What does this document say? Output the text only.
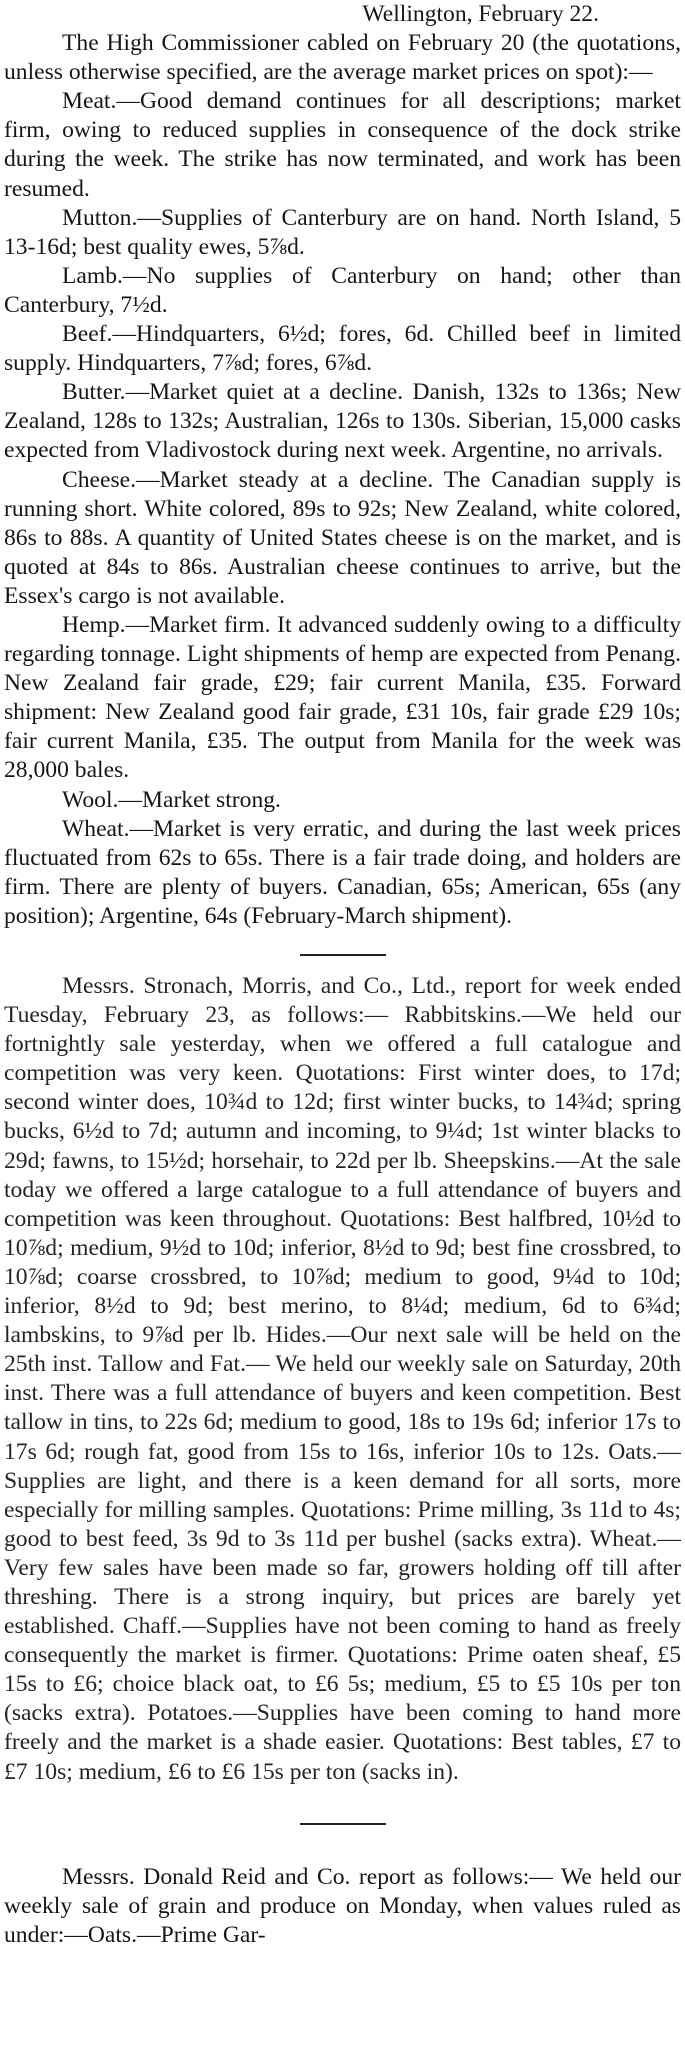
Wellington, February 22.

The High Commissioner cabled on February 20 (the quotations, unless otherwise specified, are the average market prices on spot):—

Meat.—Good demand continues for all descriptions; market firm, owing to reduced supplies in consequence of the dock strike during the week. The strike has now terminated, and work has been resumed.

Mutton.—Supplies of Canterbury are on hand. North Island, 5 13-16d; best quality ewes, 5⅞d.

Lamb.—No supplies of Canterbury on hand; other than Canterbury, 7½d.

Beef.—Hindquarters, 6½d; fores, 6d. Chilled beef in limited supply. Hindquarters, 7⅞d; fores, 6⅞d.

Butter.—Market quiet at a decline. Danish, 132s to 136s; New Zealand, 128s to 132s; Australian, 126s to 130s. Siberian, 15,000 casks expected from Vladivostock during next week. Argentine, no arrivals.

Cheese.—Market steady at a decline. The Canadian supply is running short. White colored, 89s to 92s; New Zealand, white colored, 86s to 88s. A quantity of United States cheese is on the market, and is quoted at 84s to 86s. Australian cheese continues to arrive, but the Essex's cargo is not available.

Hemp.—Market firm. It advanced suddenly owing to a difficulty regarding tonnage. Light shipments of hemp are expected from Penang. New Zealand fair grade, £29; fair current Manila, £35. Forward shipment: New Zealand good fair grade, £31 10s, fair grade £29 10s; fair current Manila, £35. The output from Manila for the week was 28,000 bales.

Wool.—Market strong.

Wheat.—Market is very erratic, and during the last week prices fluctuated from 62s to 65s. There is a fair trade doing, and holders are firm. There are plenty of buyers. Canadian, 65s; American, 65s (any position); Argentine, 64s (February-March shipment).

Messrs. Stronach, Morris, and Co., Ltd., report for week ended Tuesday, February 23, as follows:— Rabbitskins.—We held our fortnightly sale yesterday, when we offered a full catalogue and competition was very keen. Quotations: First winter does, to 17d; second winter does, 10¾d to 12d; first winter bucks, to 14¾d; spring bucks, 6½d to 7d; autumn and incoming, to 9¼d; 1st winter blacks to 29d; fawns, to 15½d; horsehair, to 22d per lb. Sheepskins.—At the sale today we offered a large catalogue to a full attendance of buyers and competition was keen throughout. Quotations: Best halfbred, 10½d to 10⅞d; medium, 9½d to 10d; inferior, 8½d to 9d; best fine crossbred, to 10⅞d; coarse crossbred, to 10⅞d; medium to good, 9¼d to 10d; inferior, 8½d to 9d; best merino, to 8¼d; medium, 6d to 6¾d; lambskins, to 9⅞d per lb. Hides.—Our next sale will be held on the 25th inst. Tallow and Fat.— We held our weekly sale on Saturday, 20th inst. There was a full attendance of buyers and keen competition. Best tallow in tins, to 22s 6d; medium to good, 18s to 19s 6d; inferior 17s to 17s 6d; rough fat, good from 15s to 16s, inferior 10s to 12s. Oats.—Supplies are light, and there is a keen demand for all sorts, more especially for milling samples. Quotations: Prime milling, 3s 11d to 4s; good to best feed, 3s 9d to 3s 11d per bushel (sacks extra). Wheat.—Very few sales have been made so far, growers holding off till after threshing. There is a strong inquiry, but prices are barely yet established. Chaff.—Supplies have not been coming to hand as freely consequently the market is firmer. Quotations: Prime oaten sheaf, £5 15s to £6; choice black oat, to £6 5s; medium, £5 to £5 10s per ton (sacks extra). Potatoes.—Supplies have been coming to hand more freely and the market is a shade easier. Quotations: Best tables, £7 to £7 10s; medium, £6 to £6 15s per ton (sacks in).

Messrs. Donald Reid and Co. report as follows:— We held our weekly sale of grain and produce on Monday, when values ruled as under:—Oats.—Prime Gar-
